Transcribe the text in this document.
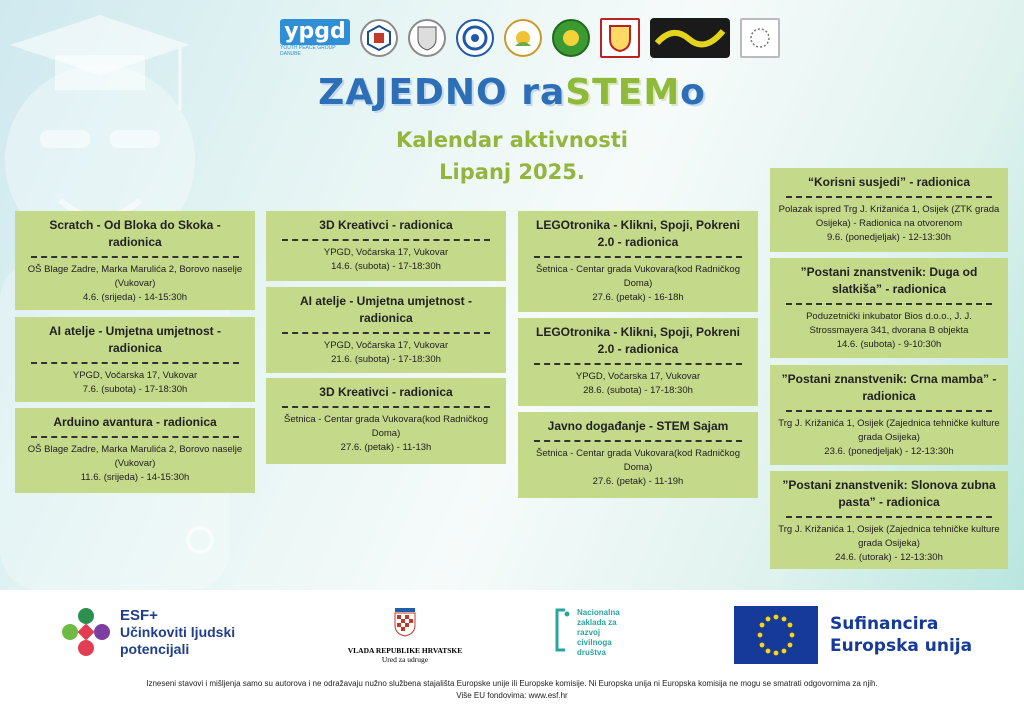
ypgd
YOUTH PEACE GROUP DANUBE
ZAJEDNO raSTEMo
Kalendar aktivnosti
Lipanj 2025.
Scratch - Od Bloka do Skoka - radionica
OŠ Blage Zadre, Marka Marulića 2, Borovo naselje (Vukovar)
4.6. (srijeda) - 14-15:30h
AI atelje - Umjetna umjetnost - radionica
YPGD, Vočarska 17, Vukovar
7.6. (subota) - 17-18:30h
Arduino avantura - radionica
OŠ Blage Zadre, Marka Marulića 2, Borovo naselje (Vukovar)
11.6. (srijeda) - 14-15:30h
3D Kreativci - radionica
YPGD, Vočarska 17, Vukovar
14.6. (subota) - 17-18:30h
AI atelje - Umjetna umjetnost - radionica
YPGD, Vočarska 17, Vukovar
21.6. (subota) - 17-18:30h
3D Kreativci - radionica
Šetnica - Centar grada Vukovara(kod Radničkog Doma)
27.6. (petak) - 11-13h
LEGOtronika - Klikni, Spoji, Pokreni 2.0 - radionica
Šetnica - Centar grada Vukovara(kod Radničkog Doma)
27.6. (petak) - 16-18h
LEGOtronika - Klikni, Spoji, Pokreni 2.0 - radionica
YPGD, Vočarska 17, Vukovar
28.6. (subota) - 17-18:30h
Javno događanje - STEM Sajam
Šetnica - Centar grada Vukovara(kod Radničkog Doma)
27.6. (petak) - 11-19h
“Korisni susjedi” - radionica
Polazak ispred Trg J. Križanića 1, Osijek (ZTK grada Osijeka) - Radionica na otvorenom
9.6. (ponedjeljak) - 12-13:30h
”Postani znanstvenik: Duga od slatkiša” - radionica
Poduzetnički inkubator Bios d.o.o., J. J. Strossmayera 341, dvorana B objekta
14.6. (subota) - 9-10:30h
”Postani znanstvenik: Crna mamba” - radionica
Trg J. Križanića 1, Osijek (Zajednica tehničke kulture grada Osijeka)
23.6. (ponedjeljak) - 12-13:30h
”Postani znanstvenik: Slonova zubna pasta” - radionica
Trg J. Križanića 1, Osijek (Zajednica tehničke kulture grada Osijeka)
24.6. (utorak) - 12-13:30h
ESF+
Učinkoviti ljudski
potencijali	VLADA REPUBLIKE HRVATSKE
Ured za udruge
Nacionalna
zaklada za
razvoj
civilnoga
društva
Sufinancira
Europska unija
Izneseni stavovi i mišljenja samo su autorova i ne odražavaju nužno službena stajališta Europske unije ili Europske komisije. Ni Europska unija ni Europska komisija ne mogu se smatrati odgovornima za njih.
Više EU fondovima: www.esf.hr
